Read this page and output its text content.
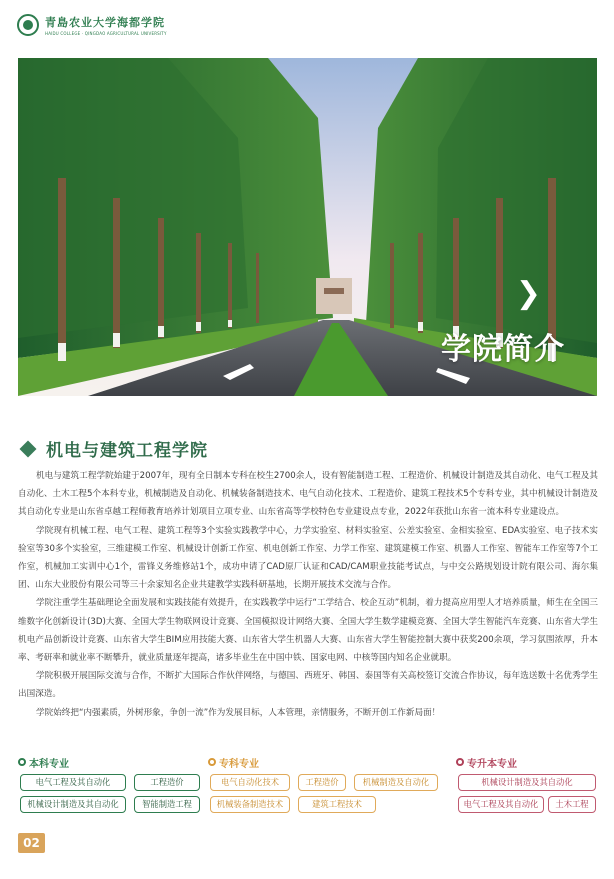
青島农业大学海都学院
HAIDU COLLEGE · QINGDAO AGRICULTURAL UNIVERSITY
❯
学院简介
机电与建筑工程学院

机电与建筑工程学院始建于2007年，现有全日制本专科在校生2700余人，设有智能制造工程、工程造价、机械设计制造及其自动化、电气工程及其自动化、土木工程5个本科专业，机械制造及自动化、机械装备制造技术、电气自动化技术、工程造价、建筑工程技术5个专科专业，其中机械设计制造及其自动化专业是山东省卓越工程师教育培养计划项目立项专业、山东省高等学校特色专业建设点专业，2022年获批山东省一流本科专业建设点。

学院现有机械工程、电气工程、建筑工程等3个实验实践教学中心，力学实验室、材料实验室、公差实验室、金相实验室、EDA实验室、电子技术实验室等30多个实验室，三维建模工作室、机械设计创新工作室、机电创新工作室、力学工作室、建筑建模工作室、机器人工作室、智能车工作室等7个工作室，机械加工实训中心1个，雷锋义务维修站1个，成功申请了CAD原厂认证和CAD/CAM职业技能考试点，与中交公路规划设计院有限公司、海尔集团、山东大业股份有限公司等三十余家知名企业共建教学实践科研基地，长期开展技术交流与合作。

学院注重学生基础理论全面发展和实践技能有效提升，在实践教学中运行“工学结合、校企互动”机制，着力提高应用型人才培养质量，师生在全国三维数字化创新设计(3D)大赛、全国大学生物联网设计竞赛、全国模拟设计网络大赛、全国大学生数学建模竞赛、全国大学生智能汽车竞赛、山东省大学生机电产品创新设计竞赛、山东省大学生BIM应用技能大赛、山东省大学生机器人大赛、山东省大学生智能控制大赛中获奖200余项，学习氛围浓厚，升本率、考研率和就业率不断攀升，就业质量逐年提高，诸多毕业生在中国中铁、国家电网、中核等国内知名企业就职。

学院积极开展国际交流与合作，不断扩大国际合作伙伴网络，与德国、西班牙、韩国、泰国等有关高校签订交流合作协议，每年选送数十名优秀学生出国深造。

学院始终把“内强素质，外树形象，争创一流”作为发展目标，人本管理，亲情服务，不断开创工作新局面！

本科专业
电气工程及其自动化	工程造价
机械设计制造及其自动化	智能制造工程
专科专业
电气自动化技术	工程造价	机械制造及自动化
机械装备制造技术	建筑工程技术
专升本专业
机械设计制造及其自动化
电气工程及其自动化	土木工程
02
